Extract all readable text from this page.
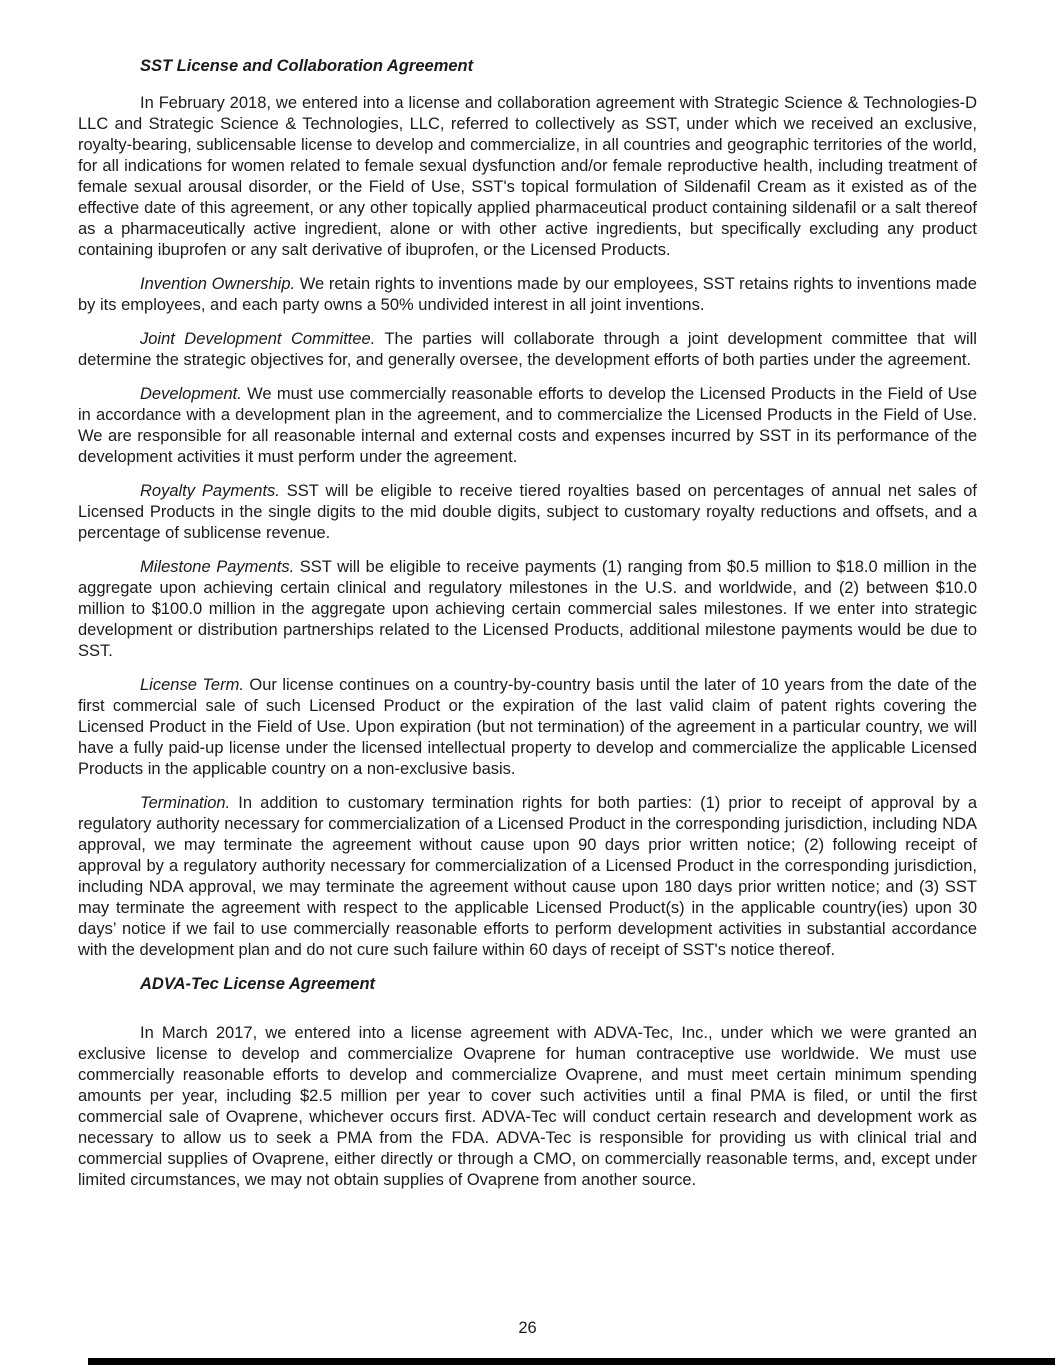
SST License and Collaboration Agreement

In February 2018, we entered into a license and collaboration agreement with Strategic Science & Technologies-D LLC and Strategic Science & Technologies, LLC, referred to collectively as SST, under which we received an exclusive, royalty-bearing, sublicensable license to develop and commercialize, in all countries and geographic territories of the world, for all indications for women related to female sexual dysfunction and/or female reproductive health, including treatment of female sexual arousal disorder, or the Field of Use, SST's topical formulation of Sildenafil Cream as it existed as of the effective date of this agreement, or any other topically applied pharmaceutical product containing sildenafil or a salt thereof as a pharmaceutically active ingredient, alone or with other active ingredients, but specifically excluding any product containing ibuprofen or any salt derivative of ibuprofen, or the Licensed Products.

Invention Ownership. We retain rights to inventions made by our employees, SST retains rights to inventions made by its employees, and each party owns a 50% undivided interest in all joint inventions.

Joint Development Committee. The parties will collaborate through a joint development committee that will determine the strategic objectives for, and generally oversee, the development efforts of both parties under the agreement.

Development. We must use commercially reasonable efforts to develop the Licensed Products in the Field of Use in accordance with a development plan in the agreement, and to commercialize the Licensed Products in the Field of Use. We are responsible for all reasonable internal and external costs and expenses incurred by SST in its performance of the development activities it must perform under the agreement.

Royalty Payments. SST will be eligible to receive tiered royalties based on percentages of annual net sales of Licensed Products in the single digits to the mid double digits, subject to customary royalty reductions and offsets, and a percentage of sublicense revenue.

Milestone Payments. SST will be eligible to receive payments (1) ranging from $0.5 million to $18.0 million in the aggregate upon achieving certain clinical and regulatory milestones in the U.S. and worldwide, and (2) between $10.0 million to $100.0 million in the aggregate upon achieving certain commercial sales milestones. If we enter into strategic development or distribution partnerships related to the Licensed Products, additional milestone payments would be due to SST.

License Term. Our license continues on a country-by-country basis until the later of 10 years from the date of the first commercial sale of such Licensed Product or the expiration of the last valid claim of patent rights covering the Licensed Product in the Field of Use. Upon expiration (but not termination) of the agreement in a particular country, we will have a fully paid-up license under the licensed intellectual property to develop and commercialize the applicable Licensed Products in the applicable country on a non-exclusive basis.

Termination. In addition to customary termination rights for both parties: (1) prior to receipt of approval by a regulatory authority necessary for commercialization of a Licensed Product in the corresponding jurisdiction, including NDA approval, we may terminate the agreement without cause upon 90 days prior written notice; (2) following receipt of approval by a regulatory authority necessary for commercialization of a Licensed Product in the corresponding jurisdiction, including NDA approval, we may terminate the agreement without cause upon 180 days prior written notice; and (3) SST may terminate the agreement with respect to the applicable Licensed Product(s) in the applicable country(ies) upon 30 days’ notice if we fail to use commercially reasonable efforts to perform development activities in substantial accordance with the development plan and do not cure such failure within 60 days of receipt of SST's notice thereof.

ADVA-Tec License Agreement

In March 2017, we entered into a license agreement with ADVA-Tec, Inc., under which we were granted an exclusive license to develop and commercialize Ovaprene for human contraceptive use worldwide. We must use commercially reasonable efforts to develop and commercialize Ovaprene, and must meet certain minimum spending amounts per year, including $2.5 million per year to cover such activities until a final PMA is filed, or until the first commercial sale of Ovaprene, whichever occurs first. ADVA-Tec will conduct certain research and development work as necessary to allow us to seek a PMA from the FDA. ADVA-Tec is responsible for providing us with clinical trial and commercial supplies of Ovaprene, either directly or through a CMO, on commercially reasonable terms, and, except under limited circumstances, we may not obtain supplies of Ovaprene from another source.

26
